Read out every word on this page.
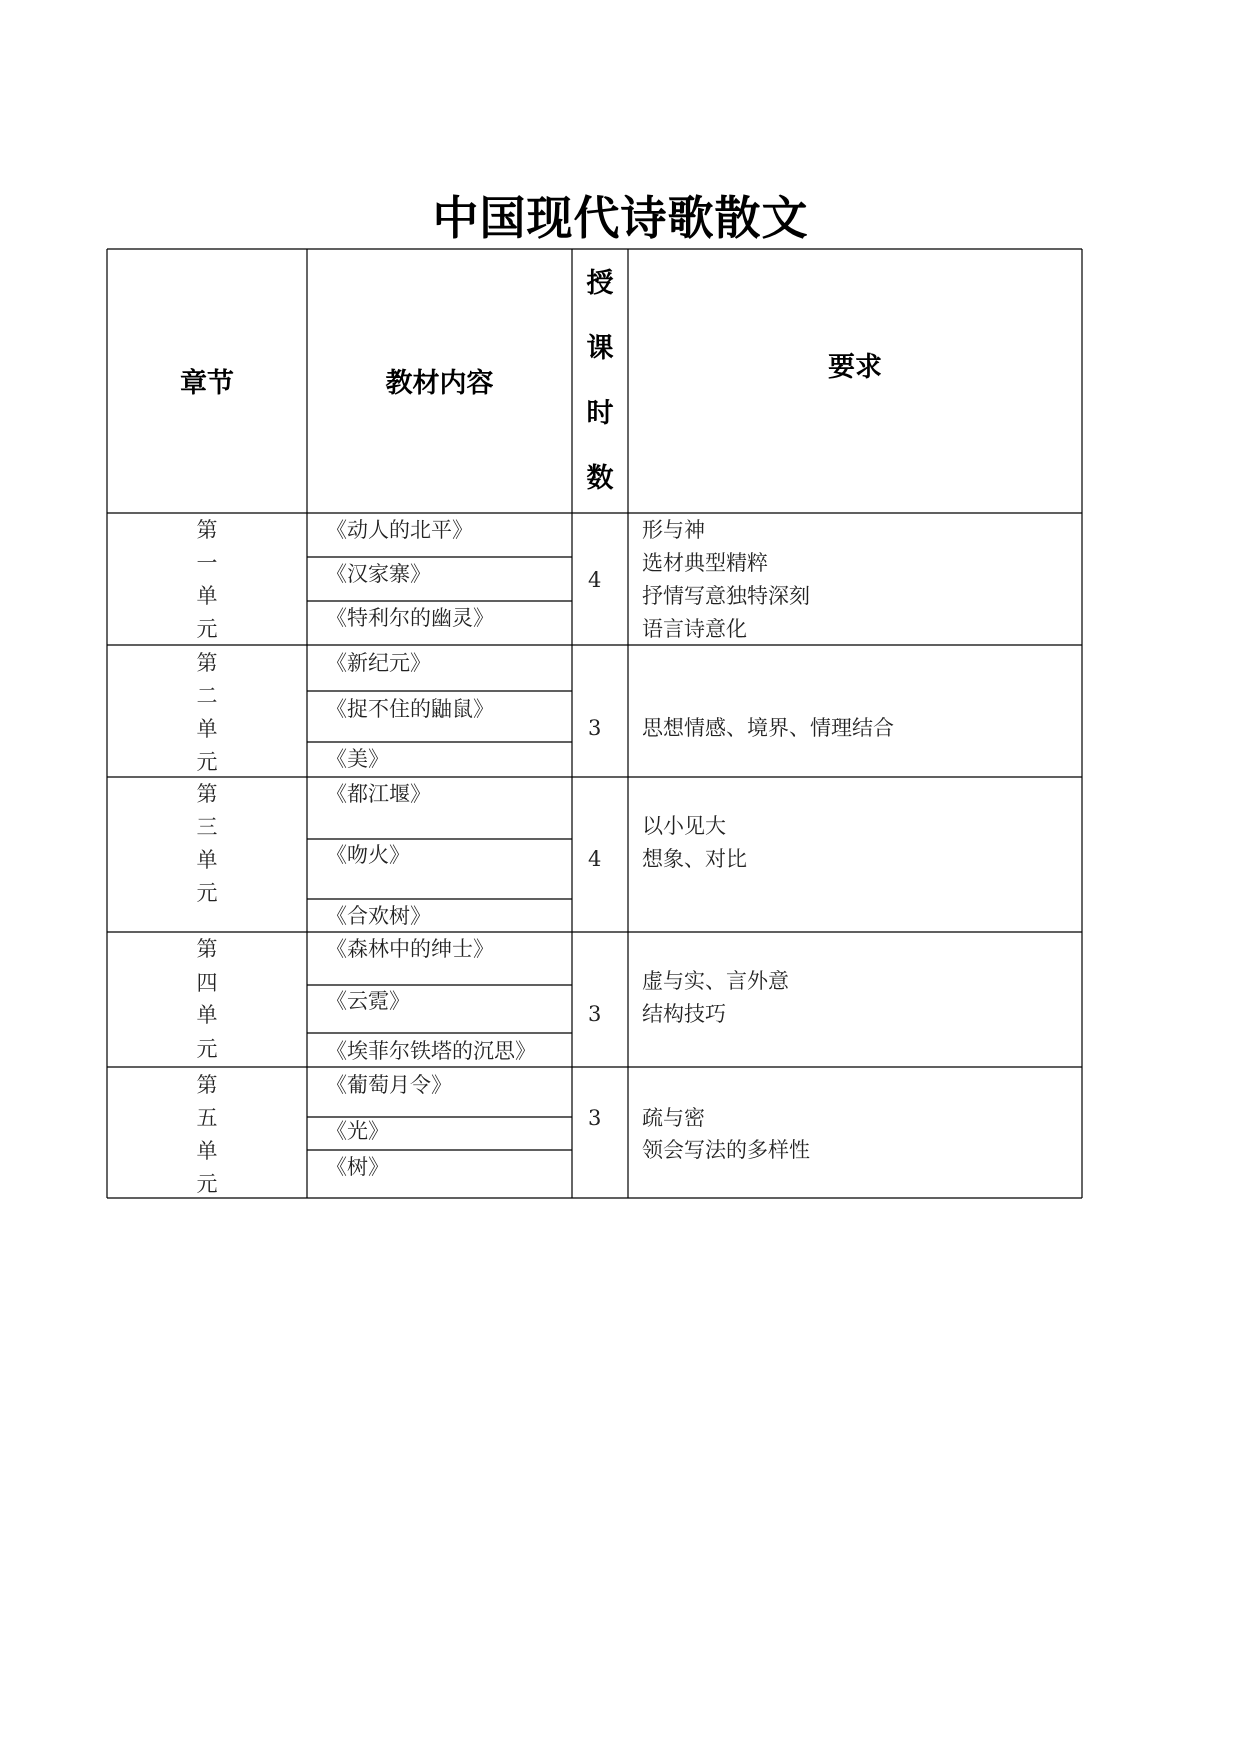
中国现代诗歌散文
章节	教材内容
授
课
时
数
要求
第
一
单
元
《动人的北平》
《汉家寨》
《特利尔的幽灵》
4
形与神
选材典型精粹
抒情写意独特深刻
语言诗意化
第
二
单
元
《新纪元》
《捉不住的鼬鼠》
《美》
3 思想情感、境界、情理结合
第
三
单
元
《都江堰》
《吻火》
《合欢树》
4
以小见大
想象、对比
第
四
单
元
《森林中的绅士》
《云霓》
《埃菲尔铁塔的沉思》
3
虚与实、言外意
结构技巧
第
五
单
元
《葡萄月令》
《光》
《树》
3 疏与密
领会写法的多样性
